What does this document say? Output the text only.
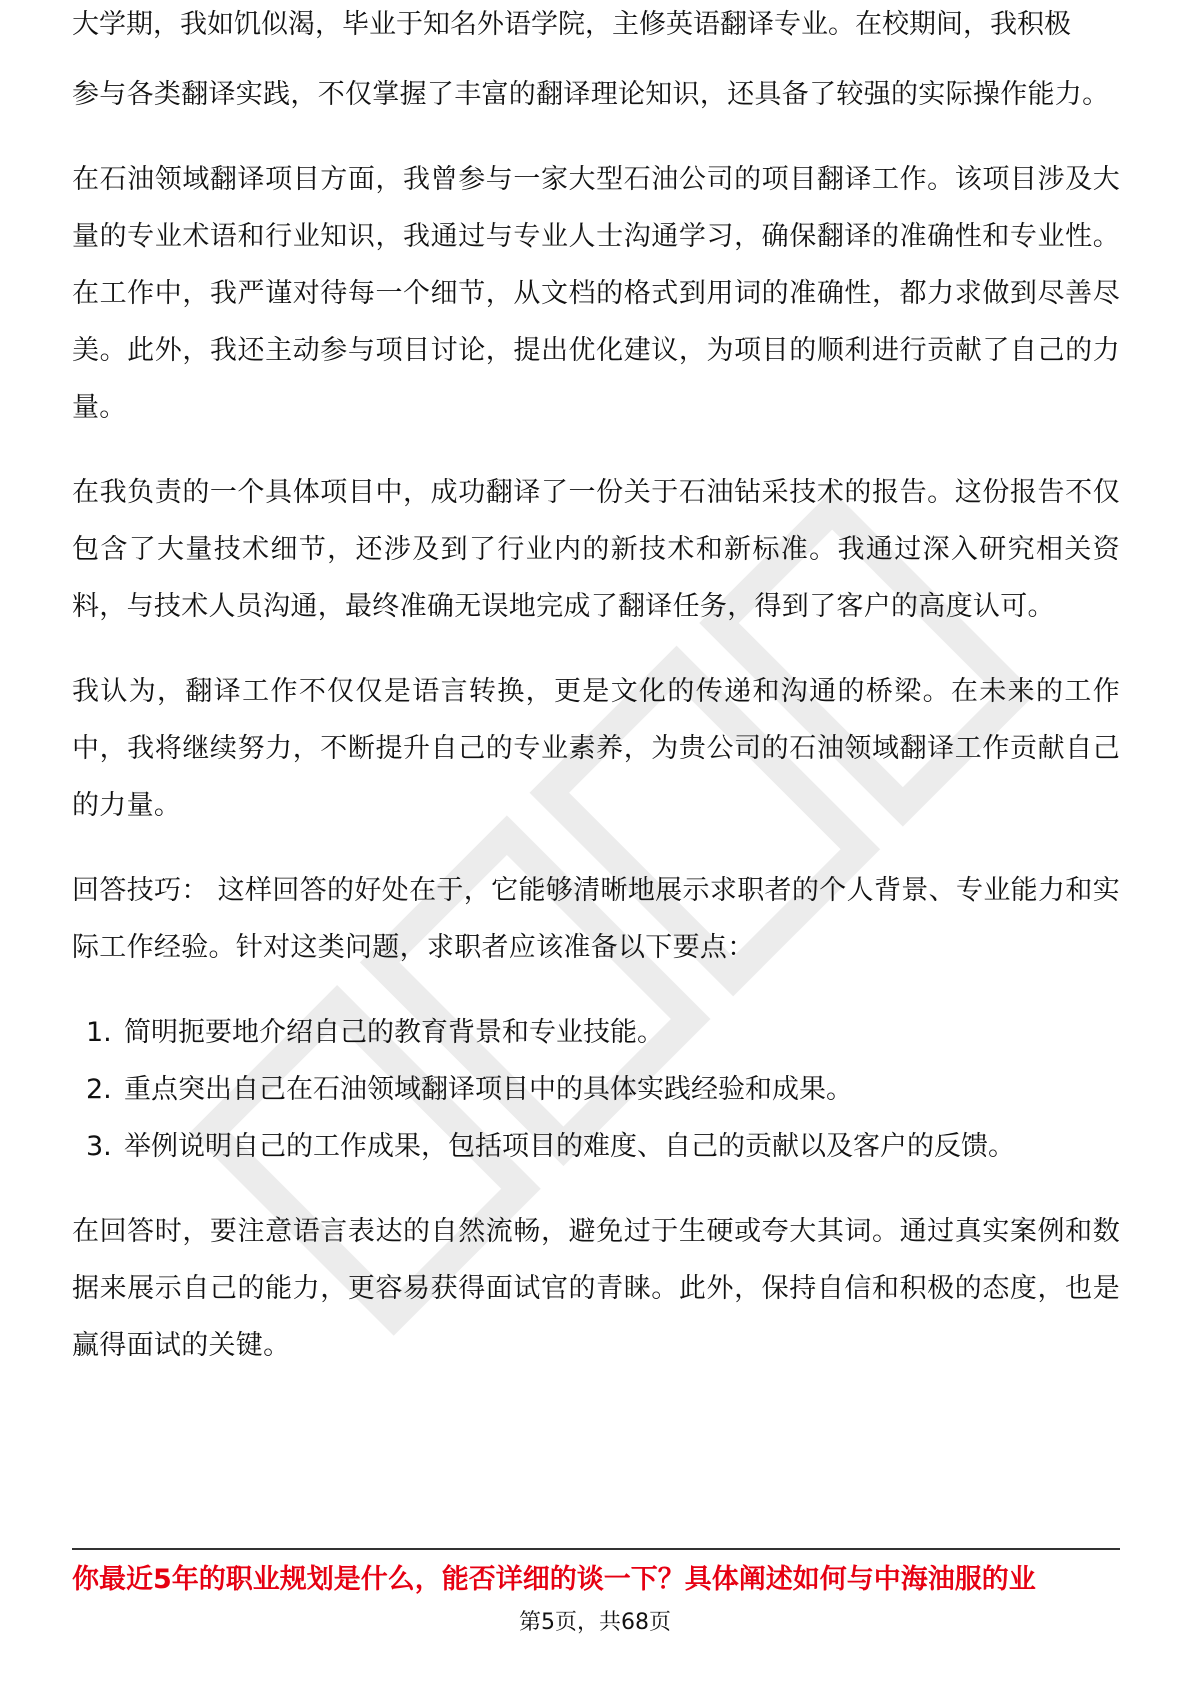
大学期，我如饥似渴，毕业于知名外语学院，主修英语翻译专业。在校期间，我积极

参与各类翻译实践，不仅掌握了丰富的翻译理论知识，还具备了较强的实际操作能力。

在石油领域翻译项目方面，我曾参与一家大型石油公司的项目翻译工作。该项目涉及大量的专业术语和行业知识，我通过与专业人士沟通学习，确保翻译的准确性和专业性。在工作中，我严谨对待每一个细节，从文档的格式到用词的准确性，都力求做到尽善尽美。此外，我还主动参与项目讨论，提出优化建议，为项目的顺利进行贡献了自己的力量。

在我负责的一个具体项目中，成功翻译了一份关于石油钻采技术的报告。这份报告不仅包含了大量技术细节，还涉及到了行业内的新技术和新标准。我通过深入研究相关资料，与技术人员沟通，最终准确无误地完成了翻译任务，得到了客户的高度认可。

我认为，翻译工作不仅仅是语言转换，更是文化的传递和沟通的桥梁。在未来的工作中，我将继续努力，不断提升自己的专业素养，为贵公司的石油领域翻译工作贡献自己的力量。

回答技巧： 这样回答的好处在于，它能够清晰地展示求职者的个人背景、专业能力和实际工作经验。针对这类问题，求职者应该准备以下要点：

1. 简明扼要地介绍自己的教育背景和专业技能。
2. 重点突出自己在石油领域翻译项目中的具体实践经验和成果。
3. 举例说明自己的工作成果，包括项目的难度、自己的贡献以及客户的反馈。

在回答时，要注意语言表达的自然流畅，避免过于生硬或夸大其词。通过真实案例和数据来展示自己的能力，更容易获得面试官的青睐。此外，保持自信和积极的态度，也是赢得面试的关键。

你最近5年的职业规划是什么，能否详细的谈一下？具体阐述如何与中海油服的业
第5页，共68页
